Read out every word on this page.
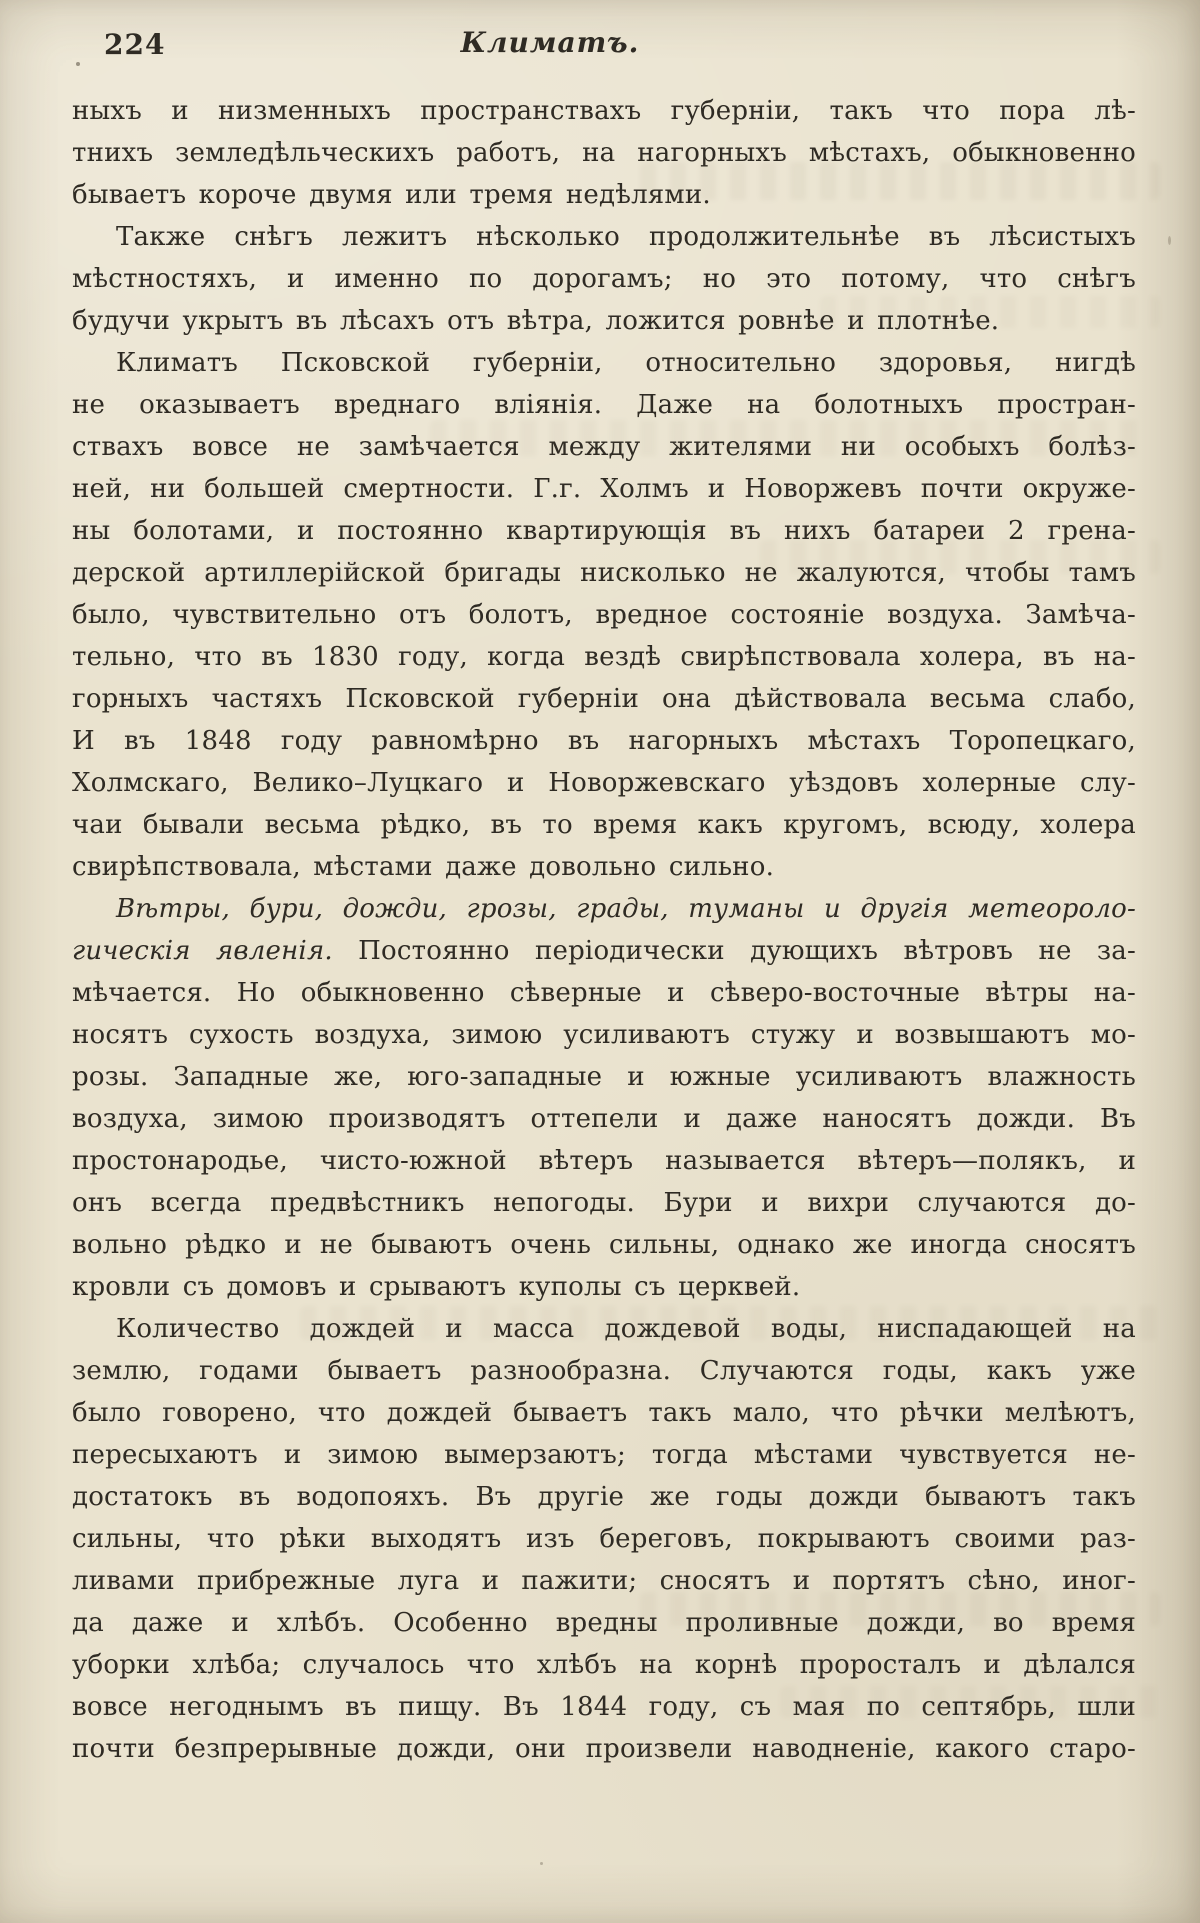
224	Климатъ.
ныхъ и низменныхъ пространствахъ губерніи, такъ что пора лѣ-
тнихъ земледѣльческихъ работъ, на нагорныхъ мѣстахъ, обыкновенно
бываетъ короче двумя или тремя недѣлями.
Также снѣгъ лежитъ нѣсколько продолжительнѣе въ лѣсистыхъ
мѣстностяхъ, и именно по дорогамъ; но это потому, что снѣгъ
будучи укрытъ въ лѣсахъ отъ вѣтра, ложится ровнѣе и плотнѣе.
Климатъ Псковской губерніи, относительно здоровья, нигдѣ
не оказываетъ вреднаго вліянія. Даже на болотныхъ простран-
ствахъ вовсе не замѣчается между жителями ни особыхъ болѣз-
ней, ни большей смертности. Г.г. Холмъ и Новоржевъ почти окруже-
ны болотами, и постоянно квартирующія въ нихъ батареи 2 грена-
дерской артиллерійской бригады нисколько не жалуются, чтобы тамъ
было, чувствительно отъ болотъ, вредное состояніе воздуха. Замѣча-
тельно, что въ 1830 году, когда вездѣ свирѣпствовала холера, въ на-
горныхъ частяхъ Псковской губерніи она дѣйствовала весьма слабо,
И въ 1848 году равномѣрно въ нагорныхъ мѣстахъ Торопецкаго,
Холмскаго, Велико–Луцкаго и Новоржевскаго уѣздовъ холерные слу-
чаи бывали весьма рѣдко, въ то время какъ кругомъ, всюду, холера
свирѣпствовала, мѣстами даже довольно сильно.
Вѣтры, бури, дожди, грозы, грады, туманы и другія метеороло-
гическія явленія. Постоянно періодически дующихъ вѣтровъ не за-
мѣчается. Но обыкновенно сѣверные и сѣверо-восточные вѣтры на-
носятъ сухость воздуха, зимою усиливаютъ стужу и возвышаютъ мо-
розы. Западные же, юго-западные и южные усиливаютъ влажность
воздуха, зимою производятъ оттепели и даже наносятъ дожди. Въ
простонародье, чисто-южной вѣтеръ называется вѣтеръ—полякъ, и
онъ всегда предвѣстникъ непогоды. Бури и вихри случаются до-
вольно рѣдко и не бываютъ очень сильны, однако же иногда сносятъ
кровли съ домовъ и срываютъ куполы съ церквей.
Количество дождей и масса дождевой воды, ниспадающей на
землю, годами бываетъ разнообразна. Случаются годы, какъ уже
было говорено, что дождей бываетъ такъ мало, что рѣчки мелѣютъ,
пересыхаютъ и зимою вымерзаютъ; тогда мѣстами чувствуется не-
достатокъ въ водопояхъ. Въ другіе же годы дожди бываютъ такъ
сильны, что рѣки выходятъ изъ береговъ, покрываютъ своими раз-
ливами прибрежные луга и пажити; сносятъ и портятъ сѣно, иног-
да даже и хлѣбъ. Особенно вредны проливные дожди, во время
уборки хлѣба; случалось что хлѣбъ на корнѣ проросталъ и дѣлался
вовсе негоднымъ въ пищу. Въ 1844 году, съ мая по септябрь, шли
почти безпрерывные дожди, они произвели наводненіе, какого старо-
